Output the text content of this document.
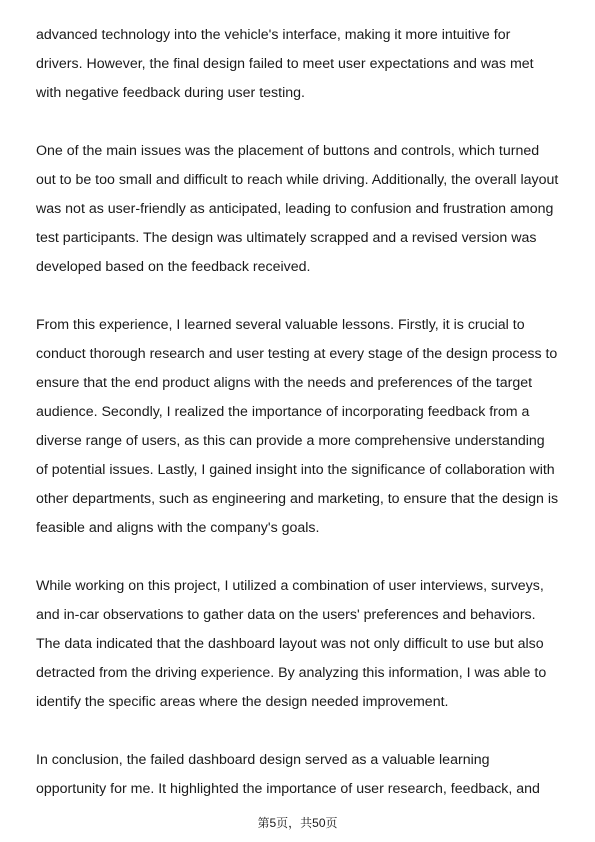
advanced technology into the vehicle's interface, making it more intuitive for drivers. However, the final design failed to meet user expectations and was met with negative feedback during user testing.

One of the main issues was the placement of buttons and controls, which turned out to be too small and difficult to reach while driving. Additionally, the overall layout was not as user-friendly as anticipated, leading to confusion and frustration among test participants. The design was ultimately scrapped and a revised version was developed based on the feedback received.

From this experience, I learned several valuable lessons. Firstly, it is crucial to conduct thorough research and user testing at every stage of the design process to ensure that the end product aligns with the needs and preferences of the target audience. Secondly, I realized the importance of incorporating feedback from a diverse range of users, as this can provide a more comprehensive understanding of potential issues. Lastly, I gained insight into the significance of collaboration with other departments, such as engineering and marketing, to ensure that the design is feasible and aligns with the company's goals.

While working on this project, I utilized a combination of user interviews, surveys, and in-car observations to gather data on the users' preferences and behaviors. The data indicated that the dashboard layout was not only difficult to use but also detracted from the driving experience. By analyzing this information, I was able to identify the specific areas where the design needed improvement.

In conclusion, the failed dashboard design served as a valuable learning opportunity for me. It highlighted the importance of user research, feedback, and

第5页，共50页
